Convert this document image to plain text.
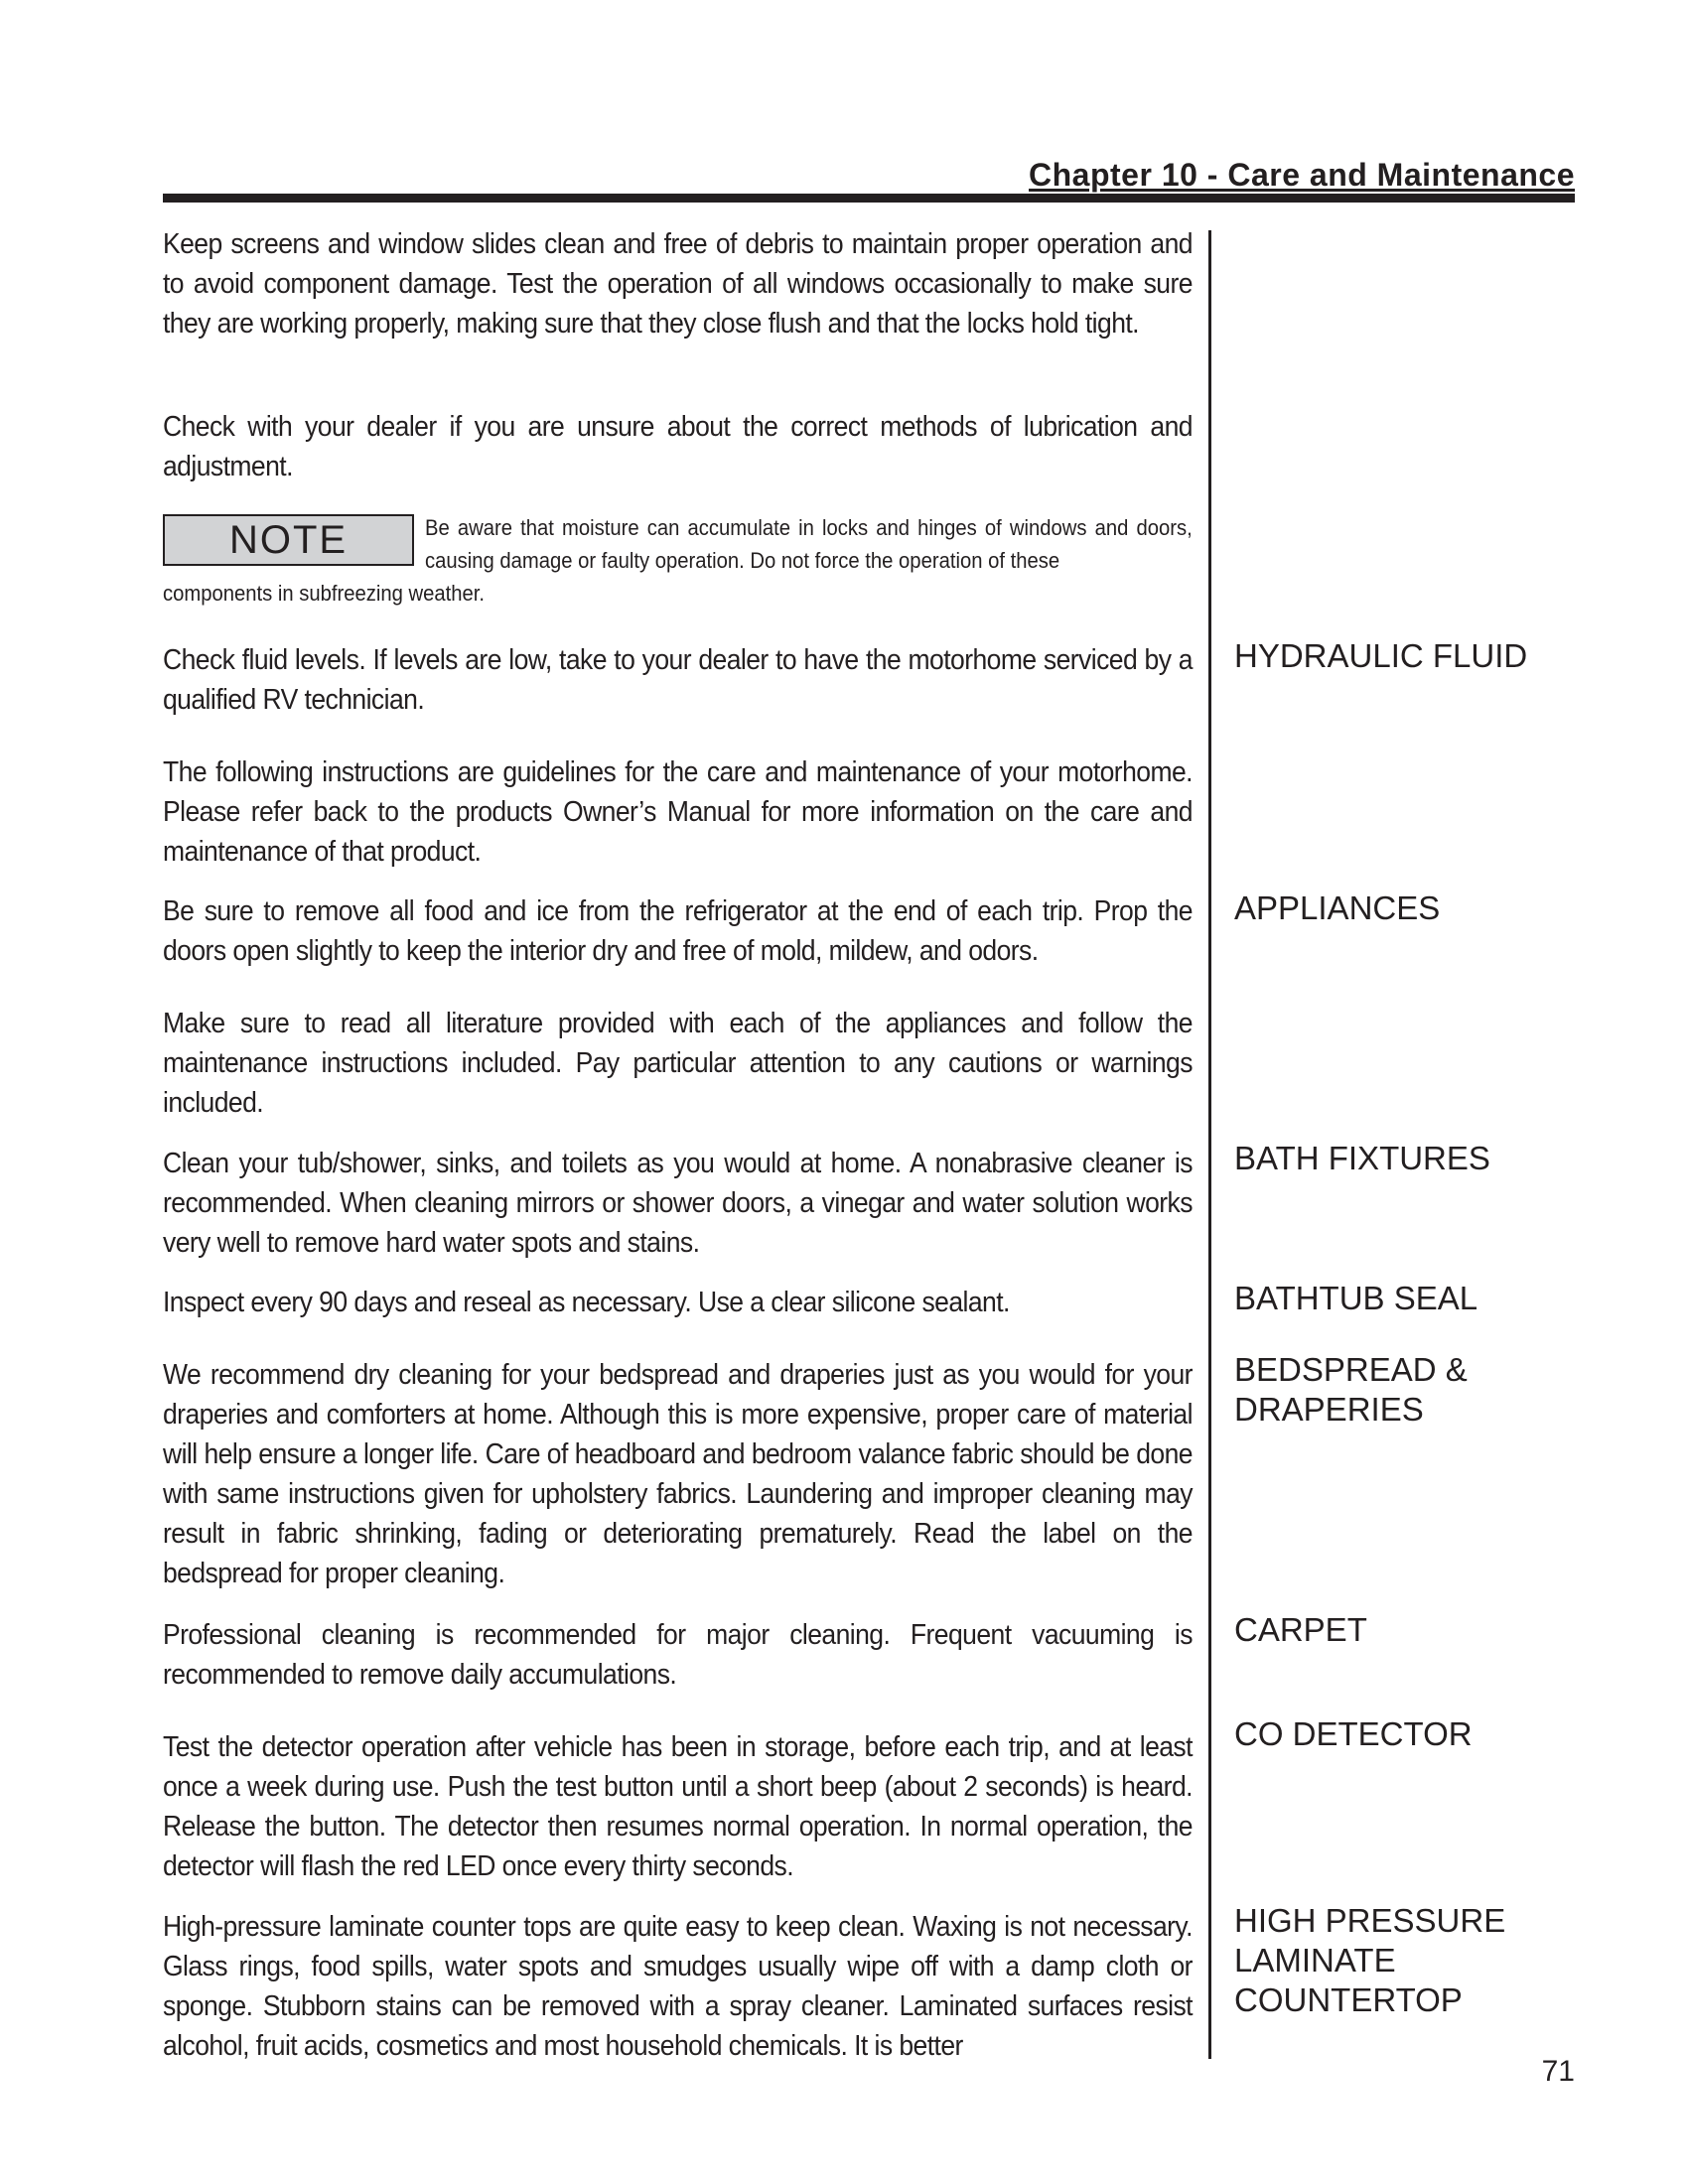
Chapter 10 - Care and Maintenance

Keep screens and window slides clean and free of debris to maintain proper operation and to avoid component damage. Test the operation of all windows occasionally to make sure they are working properly, making sure that they close flush and that the locks hold tight.

Check with your dealer if you are unsure about the correct methods of lubrication and adjustment.

NOTE	Be aware that moisture can accumulate in locks and hinges of windows and doors, causing damage or faulty operation. Do not force the operation of these

components in subfreezing weather.

Check fluid levels. If levels are low, take to your dealer to have the motorhome serviced by a qualified RV technician.

The following instructions are guidelines for the care and maintenance of your motorhome. Please refer back to the products Owner’s Manual for more information on the care and maintenance of that product.

Be sure to remove all food and ice from the refrigerator at the end of each trip. Prop the doors open slightly to keep the interior dry and free of mold, mildew, and odors.

Make sure to read all literature provided with each of the appliances and follow the maintenance instructions included. Pay particular attention to any cautions or warnings included.

Clean your tub/shower, sinks, and toilets as you would at home. A nonabrasive cleaner is recommended. When cleaning mirrors or shower doors, a vinegar and water solution works very well to remove hard water spots and stains.

Inspect every 90 days and reseal as necessary. Use a clear silicone sealant.

We recommend dry cleaning for your bedspread and draperies just as you would for your draperies and comforters at home. Although this is more expensive, proper care of material will help ensure a longer life. Care of headboard and bedroom valance fabric should be done with same instructions given for upholstery fabrics. Laundering and improper cleaning may result in fabric shrinking, fading or deteriorating prematurely. Read the label on the bedspread for proper cleaning.

Professional cleaning is recommended for major cleaning. Frequent vacuuming is recommended to remove daily accumulations.

Test the detector operation after vehicle has been in storage, before each trip, and at least once a week during use. Push the test button until a short beep (about 2 seconds) is heard. Release the button. The detector then resumes normal operation. In normal operation, the detector will flash the red LED once every thirty seconds.

High-pressure laminate counter tops are quite easy to keep clean. Waxing is not necessary. Glass rings, food spills, water spots and smudges usually wipe off with a damp cloth or sponge. Stubborn stains can be removed with a spray cleaner. Laminated surfaces resist alcohol, fruit acids, cosmetics and most household chemicals. It is better

HYDRAULIC FLUID

APPLIANCES

BATH FIXTURES

BATHTUB SEAL

BEDSPREAD & DRAPERIES

CARPET

CO DETECTOR

HIGH PRESSURE LAMINATE COUNTERTOP

71
